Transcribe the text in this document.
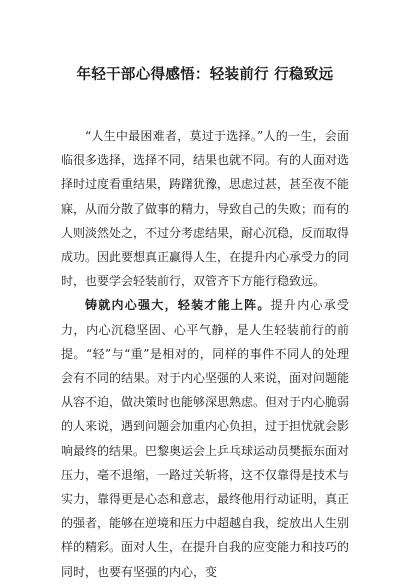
年轻干部心得感悟：轻装前行 行稳致远

“人生中最困难者，莫过于选择。”人的一生，会面临很多选择，选择不同，结果也就不同。有的人面对选择时过度看重结果，踌躇犹豫，思虑过甚，甚至夜不能寐，从而分散了做事的精力，导致自己的失败；而有的人则淡然处之，不过分考虑结果，耐心沉稳，反而取得成功。因此要想真正赢得人生，在提升内心承受力的同时，也要学会轻装前行，双管齐下方能行稳致远。

铸就内心强大，轻装才能上阵。提升内心承受力，内心沉稳坚固、心平气静，是人生轻装前行的前提。“轻”与“重”是相对的，同样的事件不同人的处理会有不同的结果。对于内心坚强的人来说，面对问题能从容不迫，做决策时也能够深思熟虑。但对于内心脆弱的人来说，遇到问题会加重内心负担，过于担忧就会影响最终的结果。巴黎奥运会上乒乓球运动员樊振东面对压力，毫不退缩，一路过关斩将，这不仅靠得是技术与实力，靠得更是心态和意志，最终他用行动证明，真正的强者，能够在逆境和压力中超越自我，绽放出人生别样的精彩。面对人生，在提升自我的应变能力和技巧的同时，也要有坚强的内心，变
